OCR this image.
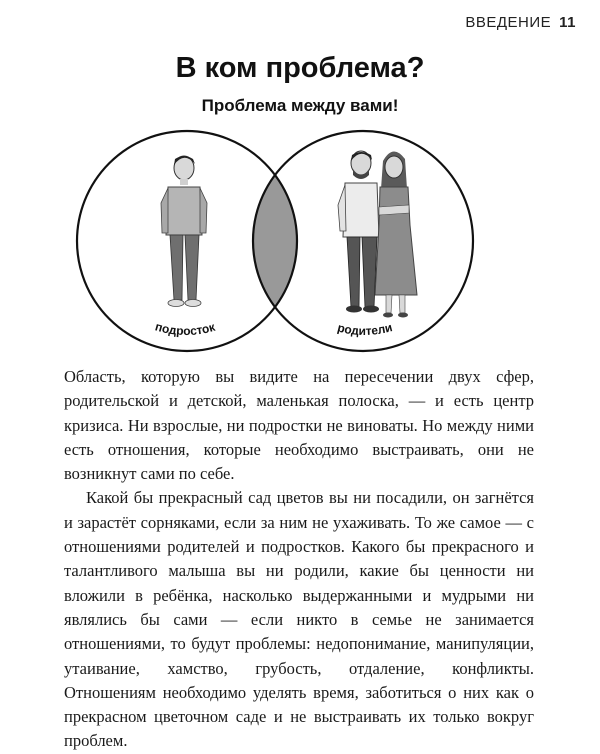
ВВЕДЕНИЕ 11
В ком проблема?
Проблема между вами!
подросток	родители

Область, которую вы видите на пересечении двух сфер, родительской и детской, маленькая полоска, — и есть центр кризиса. Ни взрослые, ни подростки не виноваты. Но между ними есть отношения, которые необходимо выстраивать, они не возникнут сами по себе.

Какой бы прекрасный сад цветов вы ни посадили, он загнётся и зарастёт сорняками, если за ним не ухаживать. То же самое — с отношениями родителей и подростков. Какого бы прекрасного и талантливого малыша вы ни родили, какие бы ценности ни вложили в ребёнка, насколько выдержанными и мудрыми ни являлись бы сами — если никто в семье не занимается отношениями, то будут проблемы: недопонимание, манипуляции, утаивание, хамство, грубость, отдаление, конфликты. Отношениям необходимо уделять время, заботиться о них как о прекрасном цветочном саде и не выстраивать их только вокруг проблем.
